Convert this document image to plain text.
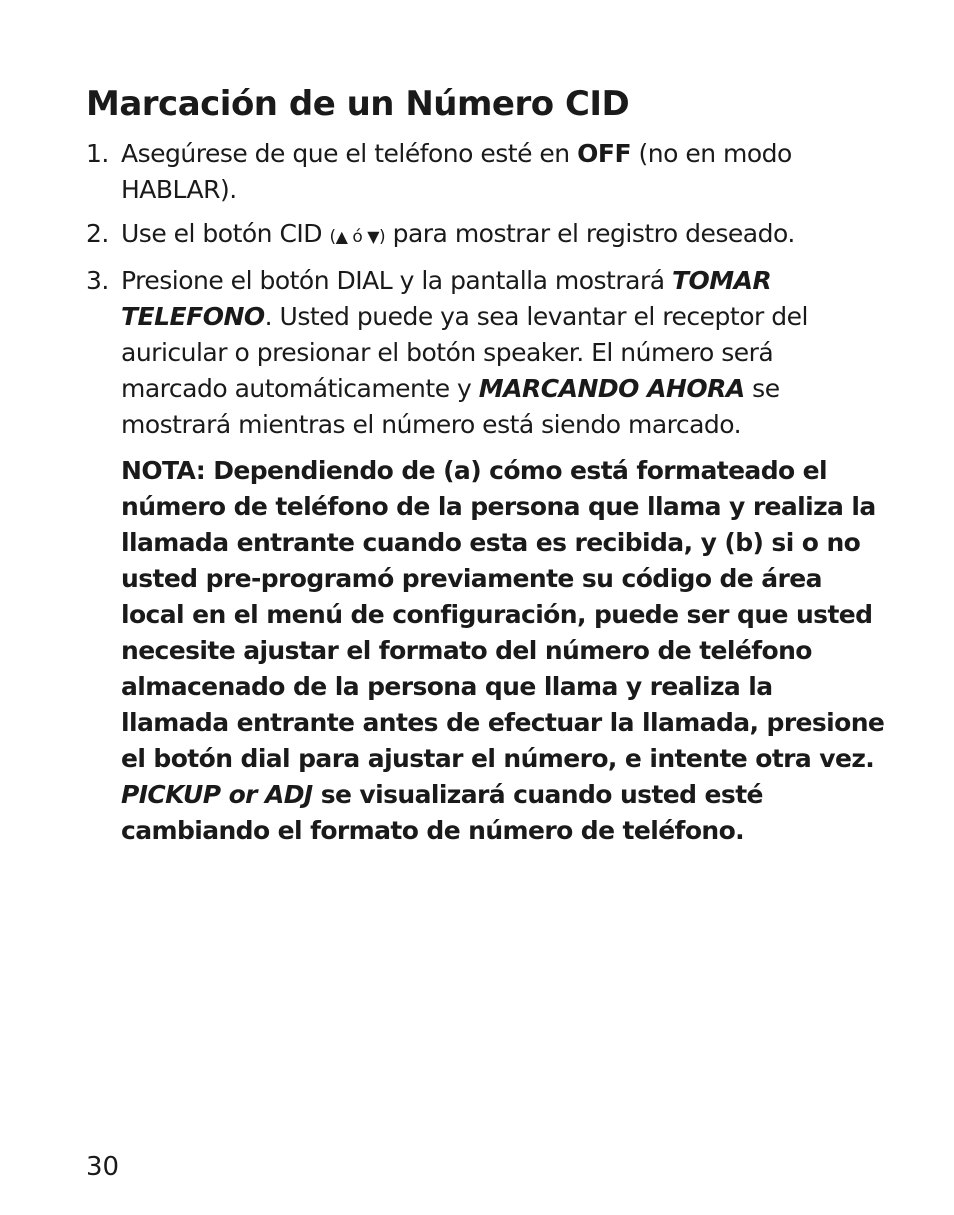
Marcación de un Número CID
1. Asegúrese de que el teléfono esté en OFF (no en modo HABLAR).
2. Use el botón CID (▲ ó ▼) para mostrar el registro deseado.
3. Presione el botón DIAL y la pantalla mostrará TOMAR TELEFONO. Usted puede ya sea levantar el receptor del auricular o presionar el botón speaker. El número será marcado automáticamente y MARCANDO AHORA se mostrará mientras el número está siendo marcado.
NOTA: Dependiendo de (a) cómo está formateado el número de teléfono de la persona que llama y realiza la llamada entrante cuando esta es recibida, y (b) si o no usted pre-programó previamente su código de área local en el menú de configuración, puede ser que usted necesite ajustar el formato del número de teléfono almacenado de la persona que llama y realiza la llamada entrante antes de efectuar la llamada, presione el botón dial para ajustar el número, e intente otra vez. PICKUP or ADJ se visualizará cuando usted esté cambiando el formato de número de teléfono.
30
